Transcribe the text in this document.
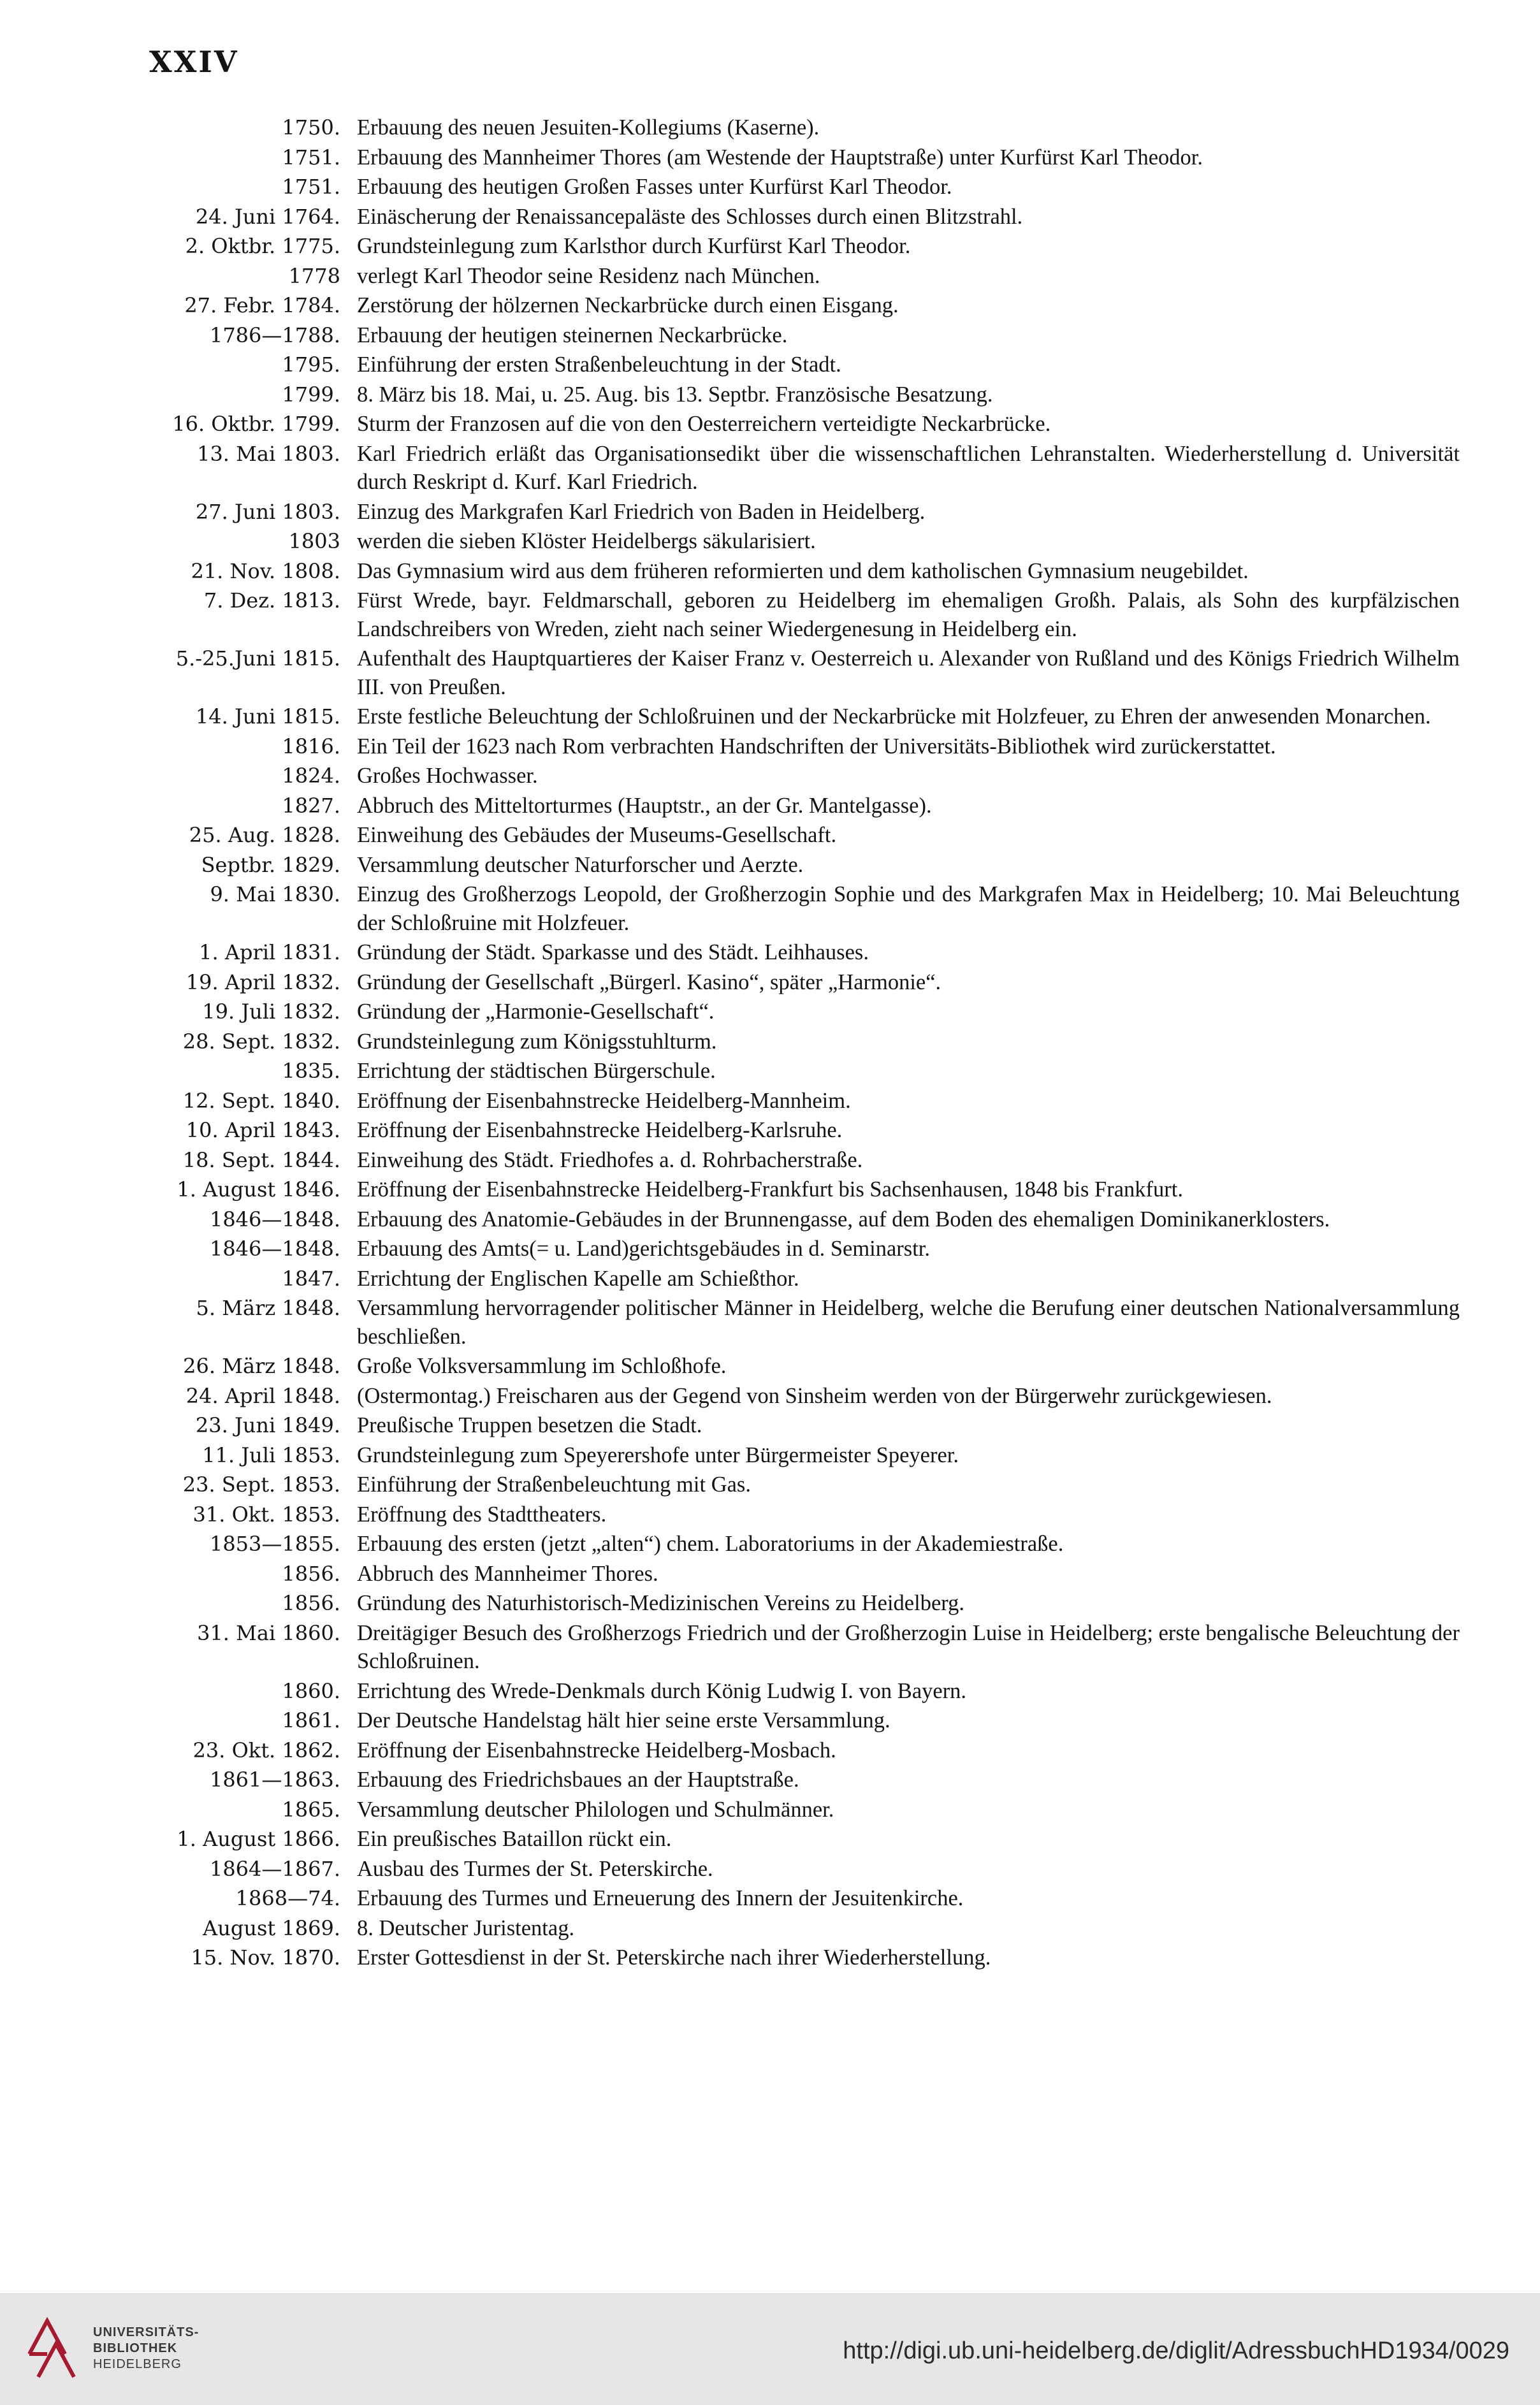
XXIV
1750. Erbauung des neuen Jesuiten-Kollegiums (Kaserne).
1751. Erbauung des Mannheimer Thores (am Westende der Hauptstraße) unter Kurfürst Karl Theodor.
1751. Erbauung des heutigen Großen Fasses unter Kurfürst Karl Theodor.
24. Juni 1764. Einäscherung der Renaissancepaläste des Schlosses durch einen Blitzstrahl.
2. Oktbr. 1775. Grundsteinlegung zum Karlsthor durch Kurfürst Karl Theodor.
1778 verlegt Karl Theodor seine Residenz nach München.
27. Febr. 1784. Zerstörung der hölzernen Neckarbrücke durch einen Eisgang.
1786—1788. Erbauung der heutigen steinernen Neckarbrücke.
1795. Einführung der ersten Straßenbeleuchtung in der Stadt.
1799. 8. März bis 18. Mai, u. 25. Aug. bis 13. Septbr. Französische Besatzung.
16. Oktbr. 1799. Sturm der Franzosen auf die von den Oesterreichern verteidigte Neckarbrücke.
13. Mai 1803. Karl Friedrich erläßt das Organisationsedikt über die wissenschaftlichen Lehranstalten. Wiederherstellung d. Universität durch Reskript d. Kurf. Karl Friedrich.
27. Juni 1803. Einzug des Markgrafen Karl Friedrich von Baden in Heidelberg.
1803 werden die sieben Klöster Heidelbergs säkularisiert.
21. Nov. 1808. Das Gymnasium wird aus dem früheren reformierten und dem katholischen Gymnasium neugebildet.
7. Dez. 1813. Fürst Wrede, bayr. Feldmarschall, geboren zu Heidelberg im ehemaligen Großh. Palais, als Sohn des kurpfälzischen Landschreibers von Wreden, zieht nach seiner Wiedergenesung in Heidelberg ein.
5.-25.Juni 1815. Aufenthalt des Hauptquartieres der Kaiser Franz v. Oesterreich u. Alexander von Rußland und des Königs Friedrich Wilhelm III. von Preußen.
14. Juni 1815. Erste festliche Beleuchtung der Schloßruinen und der Neckarbrücke mit Holzfeuer, zu Ehren der anwesenden Monarchen.
1816. Ein Teil der 1623 nach Rom verbrachten Handschriften der Universitäts-Bibliothek wird zurückerstattet.
1824. Großes Hochwasser.
1827. Abbruch des Mitteltorturmes (Hauptstr., an der Gr. Mantelgasse).
25. Aug. 1828. Einweihung des Gebäudes der Museums-Gesellschaft.
Septbr. 1829. Versammlung deutscher Naturforscher und Aerzte.
9. Mai 1830. Einzug des Großherzogs Leopold, der Großherzogin Sophie und des Markgrafen Max in Heidelberg; 10. Mai Beleuchtung der Schloßruine mit Holzfeuer.
1. April 1831. Gründung der Städt. Sparkasse und des Städt. Leihhauses.
19. April 1832. Gründung der Gesellschaft „Bürgerl. Kasino“, später „Harmonie“.
19. Juli 1832. Gründung der „Harmonie-Gesellschaft“.
28. Sept. 1832. Grundsteinlegung zum Königsstuhlturm.
1835. Errichtung der städtischen Bürgerschule.
12. Sept. 1840. Eröffnung der Eisenbahnstrecke Heidelberg-Mannheim.
10. April 1843. Eröffnung der Eisenbahnstrecke Heidelberg-Karlsruhe.
18. Sept. 1844. Einweihung des Städt. Friedhofes a. d. Rohrbacherstraße.
1. August 1846. Eröffnung der Eisenbahnstrecke Heidelberg-Frankfurt bis Sachsenhausen, 1848 bis Frankfurt.
1846—1848. Erbauung des Anatomie-Gebäudes in der Brunnengasse, auf dem Boden des ehemaligen Dominikanerklosters.
1846—1848. Erbauung des Amts(= u. Land)gerichtsgebäudes in d. Seminarstr.
1847. Errichtung der Englischen Kapelle am Schießthor.
5. März 1848. Versammlung hervorragender politischer Männer in Heidelberg, welche die Berufung einer deutschen Nationalversammlung beschließen.
26. März 1848. Große Volksversammlung im Schloßhofe.
24. April 1848. (Ostermontag.) Freischaren aus der Gegend von Sinsheim werden von der Bürgerwehr zurückgewiesen.
23. Juni 1849. Preußische Truppen besetzen die Stadt.
11. Juli 1853. Grundsteinlegung zum Speyerershofe unter Bürgermeister Speyerer.
23. Sept. 1853. Einführung der Straßenbeleuchtung mit Gas.
31. Okt. 1853. Eröffnung des Stadttheaters.
1853—1855. Erbauung des ersten (jetzt „alten“) chem. Laboratoriums in der Akademiestraße.
1856. Abbruch des Mannheimer Thores.
1856. Gründung des Naturhistorisch-Medizinischen Vereins zu Heidelberg.
31. Mai 1860. Dreitägiger Besuch des Großherzogs Friedrich und der Großherzogin Luise in Heidelberg; erste bengalische Beleuchtung der Schloßruinen.
1860. Errichtung des Wrede-Denkmals durch König Ludwig I. von Bayern.
1861. Der Deutsche Handelstag hält hier seine erste Versammlung.
23. Okt. 1862. Eröffnung der Eisenbahnstrecke Heidelberg-Mosbach.
1861—1863. Erbauung des Friedrichsbaues an der Hauptstraße.
1865. Versammlung deutscher Philologen und Schulmänner.
1. August 1866. Ein preußisches Bataillon rückt ein.
1864—1867. Ausbau des Turmes der St. Peterskirche.
1868—74. Erbauung des Turmes und Erneuerung des Innern der Jesuitenkirche.
August 1869. 8. Deutscher Juristentag.
15. Nov. 1870. Erster Gottesdienst in der St. Peterskirche nach ihrer Wiederherstellung.
UNIVERSITÄTS-
BIBLIOTHEK
HEIDELBERG	http://digi.ub.uni-heidelberg.de/diglit/AdressbuchHD1934/0029
